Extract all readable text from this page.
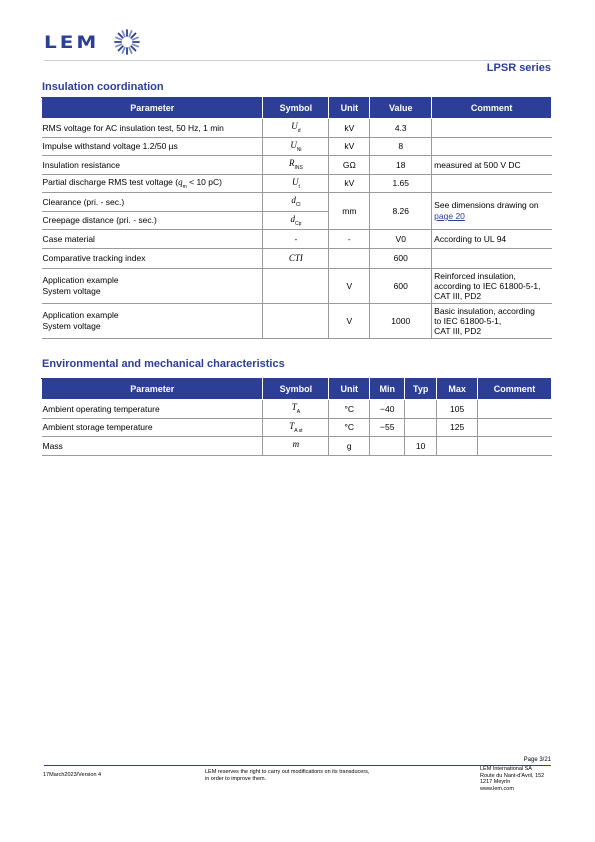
LEM
LPSR series
Insulation coordination
Parameter	Symbol	Unit	Value	Comment
RMS voltage for AC insulation test, 50 Hz, 1 min	$U_d$	kV	4.3	
Impulse withstand voltage 1.2/50 µs	$U_{Ni}$	kV	8	
Insulation resistance	$R_{INS}$	GΩ	18	measured at 500 V DC
Partial discharge RMS test voltage ($q_m < 10$ pC)	$U_t$	kV	1.65	
Clearance (pri. - sec.)	$d_{Cl}$	mm	8.26	See dimensions drawing on
page 20
Creepage distance (pri. - sec.)	$d_{Cp}$
Case material	-	-	V0	According to UL 94
Comparative tracking index	CTI		600	
Application example
System voltage		V	600	Reinforced insulation,
according to IEC 61800-5-1,
CAT III, PD2
Application example
System voltage		V	1000	Basic insulation, according
to IEC 61800-5-1,
CAT III, PD2
Environmental and mechanical characteristics
Parameter	Symbol	Unit	Min	Typ	Max	Comment
Ambient operating temperature	$T_A$	°C	−40		105	
Ambient storage temperature	$T_{A st}$	°C	−55		125	
Mass	m	g		10		
Page 3/21
17March2023/Version 4	LEM reserves the right to carry out modifications on its transducers,
in order to improve them.
LEM International SA
Route du Nant-d'Avril, 152
1217 Meyrin
www.lem.com
